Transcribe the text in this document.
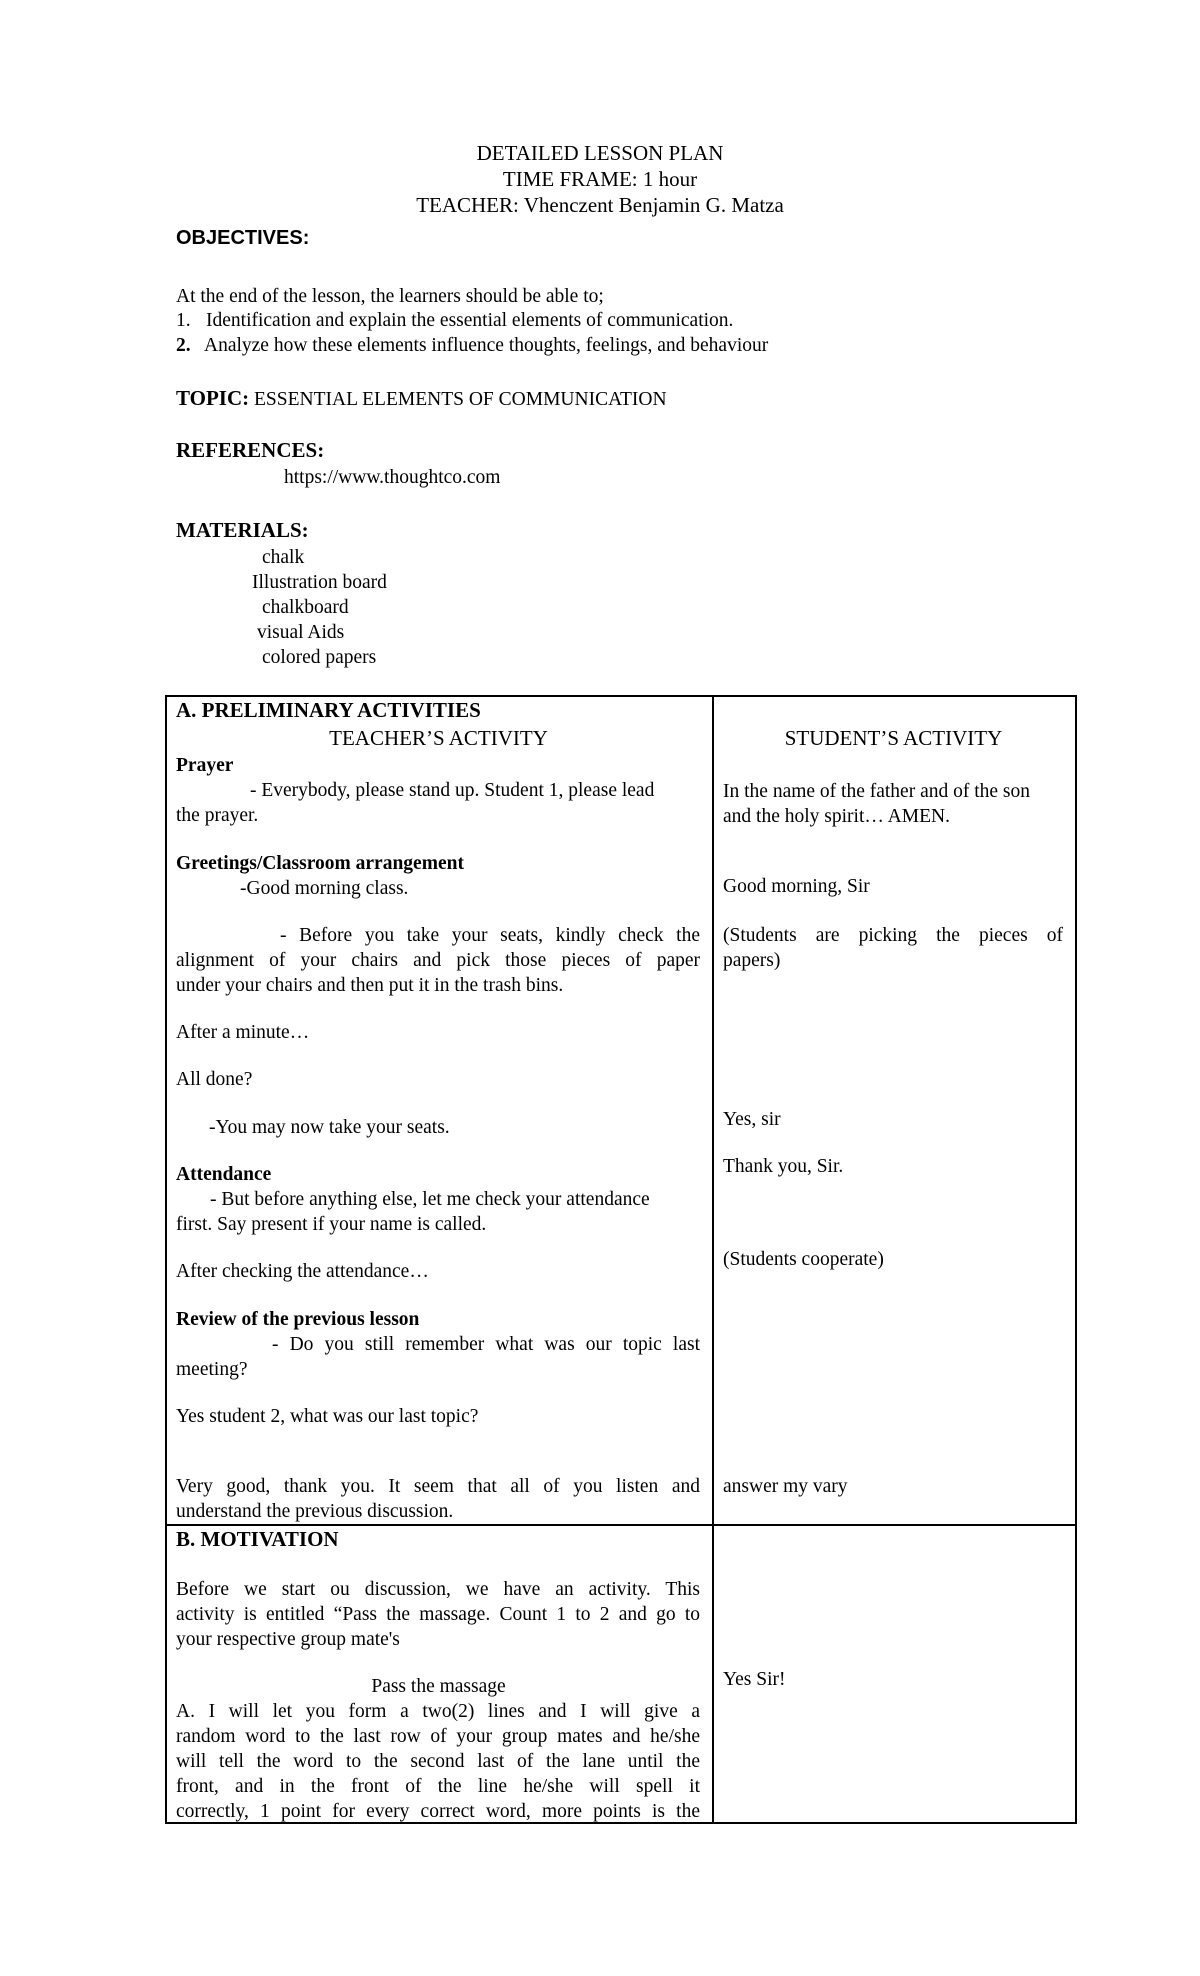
DETAILED LESSON PLAN
TIME FRAME: 1 hour
TEACHER: Vhenczent Benjamin G. Matza
OBJECTIVES:
At the end of the lesson, the learners should be able to;
1. Identification and explain the essential elements of communication.
2. Analyze how these elements influence thoughts, feelings, and behaviour
TOPIC: ESSENTIAL ELEMENTS OF COMMUNICATION
REFERENCES:
https://www.thoughtco.com
MATERIALS:
chalk
Illustration board
chalkboard
visual Aids
colored papers
A. PRELIMINARY ACTIVITIES
TEACHER’S ACTIVITY	STUDENT’S ACTIVITY
Prayer
- Everybody, please stand up. Student 1, please lead
the prayer.
Greetings/Classroom arrangement
-Good morning class.
- Before you take your seats, kindly check the
alignment of your chairs and pick those pieces of paper
under your chairs and then put it in the trash bins.
After a minute…
All done?
-You may now take your seats.
Attendance
- But before anything else, let me check your attendance
first. Say present if your name is called.
After checking the attendance…
Review of the previous lesson
- Do you still remember what was our topic last
meeting?
Yes student 2, what was our last topic?
Very good, thank you. It seem that all of you listen and
understand the previous discussion.
In the name of the father and of the son
and the holy spirit… AMEN.
Good morning, Sir
(Students are picking the pieces of
papers)
Yes, sir
Thank you, Sir.
(Students cooperate)
answer my vary
B. MOTIVATION
Before we start ou discussion, we have an activity. This
activity is entitled “Pass the massage. Count 1 to 2 and go to
your respective group mate's
Pass the massage
A. I will let you form a two(2) lines and I will give a
random word to the last row of your group mates and he/she
will tell the word to the second last of the lane until the
front, and in the front of the line he/she will spell it
correctly, 1 point for every correct word, more points is the
Yes Sir!
